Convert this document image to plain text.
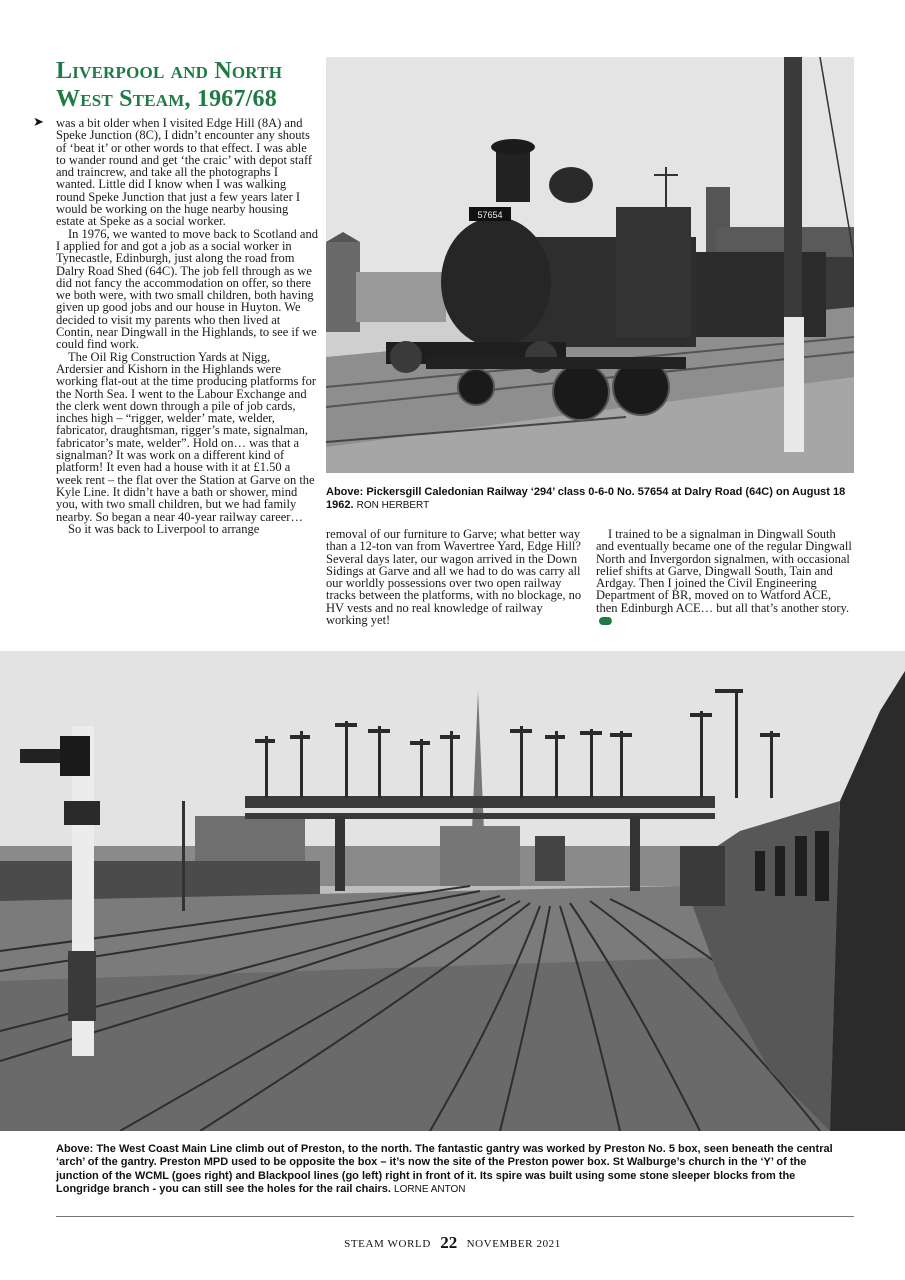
Liverpool and North
West Steam, 1967/68
➤ was a bit older when I visited Edge Hill (8A) and Speke Junction (8C), I didn’t encounter any shouts of ‘beat it’ or other words to that effect. I was able to wander round and get ‘the craic’ with depot staff and traincrew, and take all the photographs I wanted. Little did I know when I was walking round Speke Junction that just a few years later I would be working on the huge nearby housing estate at Speke as a social worker.

In 1976, we wanted to move back to Scotland and I applied for and got a job as a social worker in Tynecastle, Edinburgh, just along the road from Dalry Road Shed (64C). The job fell through as we did not fancy the accommodation on offer, so there we both were, with two small children, both having given up good jobs and our house in Huyton. We decided to visit my parents who then lived at Contin, near Dingwall in the Highlands, to see if we could find work.

The Oil Rig Construction Yards at Nigg, Ardersier and Kishorn in the Highlands were working flat-out at the time producing platforms for the North Sea. I went to the Labour Exchange and the clerk went down through a pile of job cards, inches high – “rigger, welder’ mate, welder, fabricator, draughtsman, rigger’s mate, signalman, fabricator’s mate, welder”. Hold on… was that a signalman? It was work on a different kind of platform! It even had a house with it at £1.50 a week rent – the flat over the Station at Garve on the Kyle Line. It didn’t have a bath or shower, mind you, with two small children, but we had family nearby. So began a near 40-year railway career…

So it was back to Liverpool to arrange

57654
Above: Pickersgill Caledonian Railway ‘294’ class 0-6-0 No. 57654 at Dalry Road (64C) on August 18 1962. RON HERBERT

removal of our furniture to Garve; what better way than a 12-ton van from Wavertree Yard, Edge Hill? Several days later, our wagon arrived in the Down Sidings at Garve and all we had to do was carry all our worldly possessions over two open railway tracks between the platforms, with no blockage, no HV vests and no real knowledge of railway working yet!

I trained to be a signalman in Dingwall South and eventually became one of the regular Dingwall North and Invergordon signalmen, with occasional relief shifts at Garve, Dingwall South, Tain and Ardgay. Then I joined the Civil Engineering Department of BR, moved on to Watford ACE, then Edinburgh ACE… but all that’s another story.
SW

Above: The West Coast Main Line climb out of Preston, to the north. The fantastic gantry was worked by Preston No. 5 box, seen beneath the central ‘arch’ of the gantry. Preston MPD used to be opposite the box – it’s now the site of the Preston power box. St Walburge’s church in the ‘Y’ of the junction of the WCML (goes right) and Blackpool lines (go left) right in front of it. Its spire was built using some stone sleeper blocks from the Longridge branch - you can still see the holes for the rail chairs. LORNE ANTON
STEAM WORLD 22 NOVEMBER 2021
